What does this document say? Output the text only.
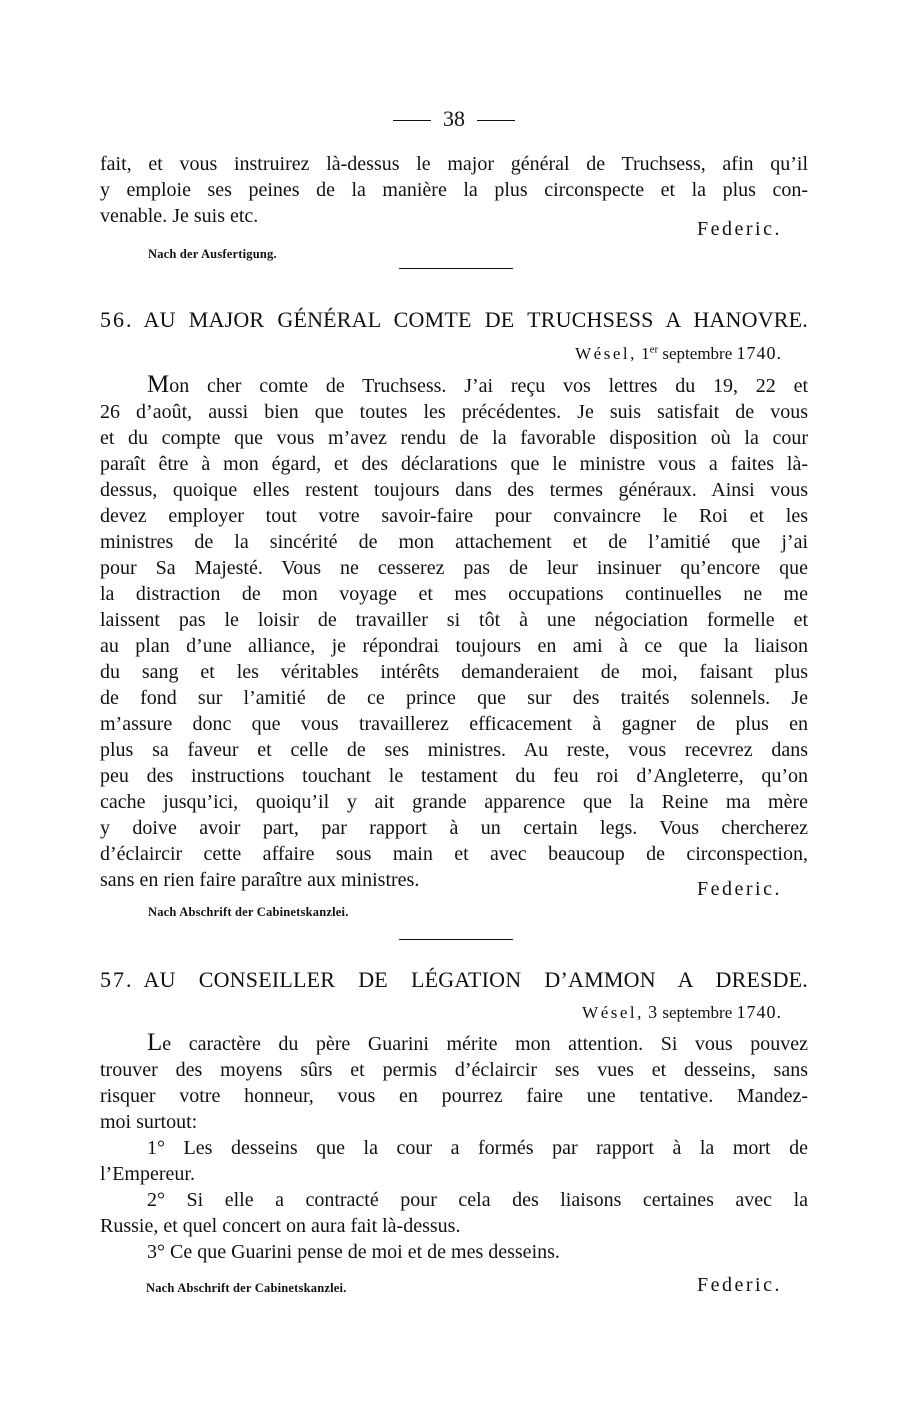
38
fait, et vous instruirez là-dessus le major général de Truchsess, afin qu’il
y emploie ses peines de la manière la plus circonspecte et la plus con-
venable. Je suis etc.
Federic.
Nach der Ausfertigung.
56. AU MAJOR GÉNÉRAL COMTE DE TRUCHSESS A HANOVRE.
Wésel, 1er septembre 1740.
Mon cher comte de Truchsess. J’ai reçu vos lettres du 19, 22 et
26 d’août, aussi bien que toutes les précédentes. Je suis satisfait de vous
et du compte que vous m’avez rendu de la favorable disposition où la cour
paraît être à mon égard, et des déclarations que le ministre vous a faites là-
dessus, quoique elles restent toujours dans des termes généraux. Ainsi vous
devez employer tout votre savoir-faire pour convaincre le Roi et les
ministres de la sincérité de mon attachement et de l’amitié que j’ai
pour Sa Majesté. Vous ne cesserez pas de leur insinuer qu’encore que
la distraction de mon voyage et mes occupations continuelles ne me
laissent pas le loisir de travailler si tôt à une négociation formelle et
au plan d’une alliance, je répondrai toujours en ami à ce que la liaison
du sang et les véritables intérêts demanderaient de moi, faisant plus
de fond sur l’amitié de ce prince que sur des traités solennels. Je
m’assure donc que vous travaillerez efficacement à gagner de plus en
plus sa faveur et celle de ses ministres. Au reste, vous recevrez dans
peu des instructions touchant le testament du feu roi d’Angleterre, qu’on
cache jusqu’ici, quoiqu’il y ait grande apparence que la Reine ma mère
y doive avoir part, par rapport à un certain legs. Vous chercherez
d’éclaircir cette affaire sous main et avec beaucoup de circonspection,
sans en rien faire paraître aux ministres.	Federic.
Nach Abschrift der Cabinetskanzlei.
57. AU CONSEILLER DE LÉGATION D’AMMON A DRESDE.
Wésel, 3 septembre 1740.
Le caractère du père Guarini mérite mon attention. Si vous pouvez
trouver des moyens sûrs et permis d’éclaircir ses vues et desseins, sans
risquer votre honneur, vous en pourrez faire une tentative. Mandez-
moi surtout:
1° Les desseins que la cour a formés par rapport à la mort de
l’Empereur.
2° Si elle a contracté pour cela des liaisons certaines avec la
Russie, et quel concert on aura fait là-dessus.
3° Ce que Guarini pense de moi et de mes desseins.
Nach Abschrift der Cabinetskanzlei.	Federic.
